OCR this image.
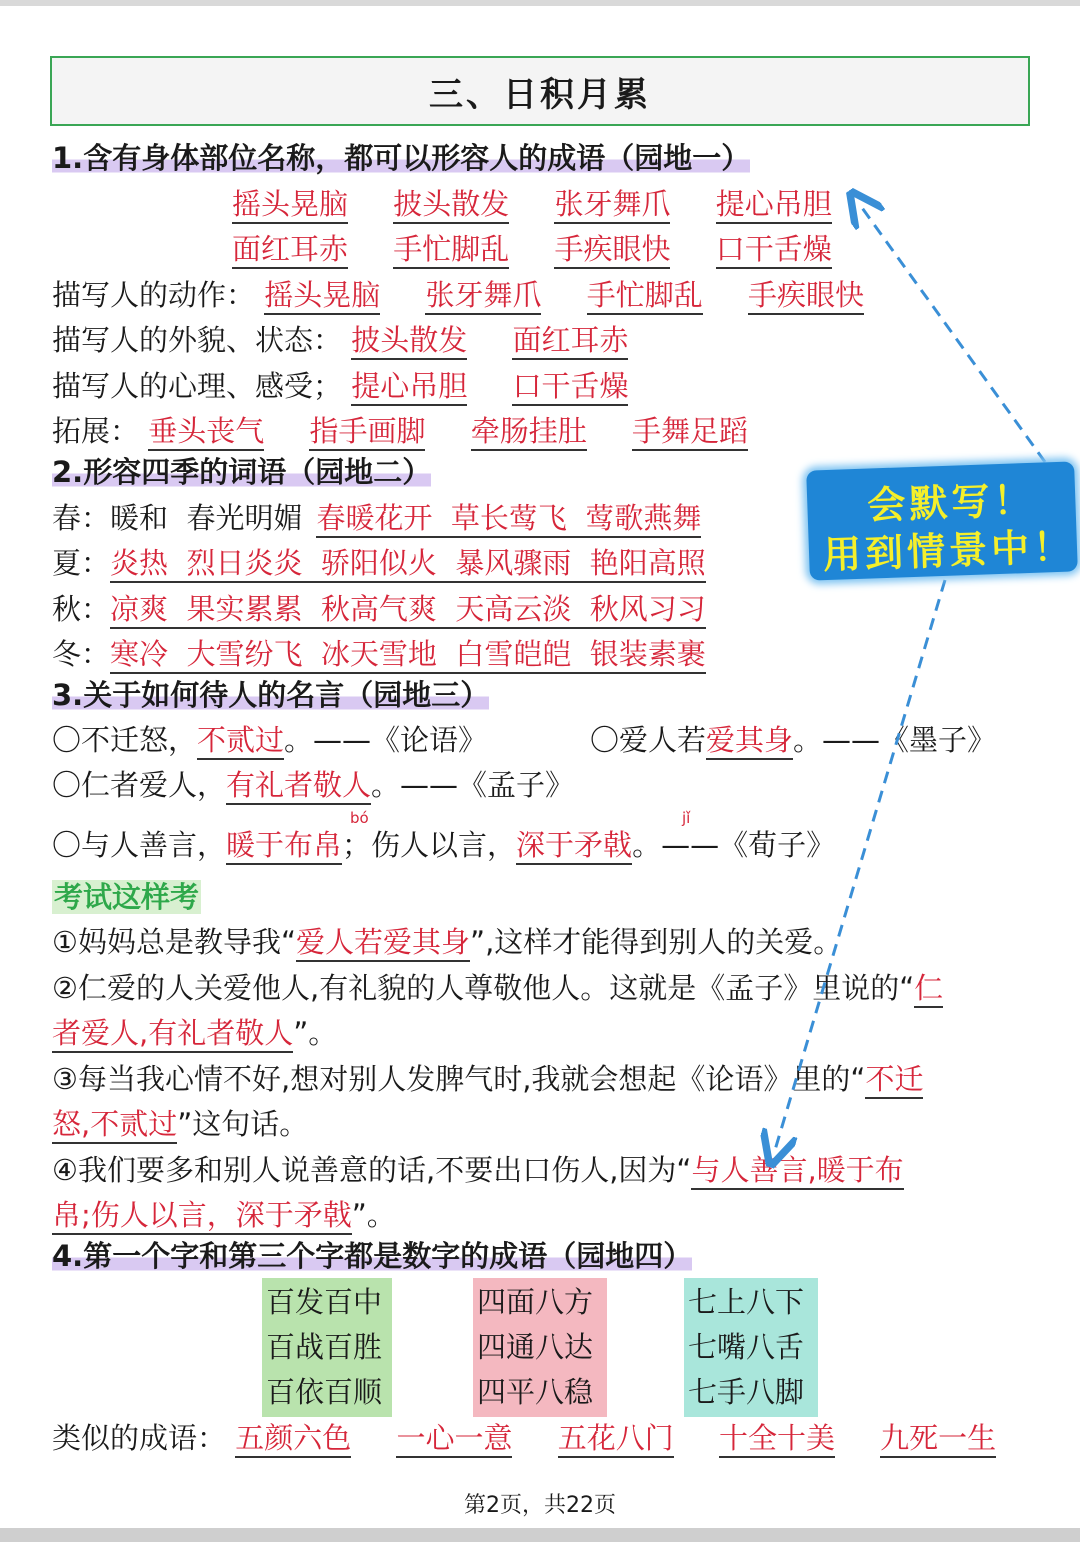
三、日积月累
1.含有身体部位名称，都可以形容人的成语（园地一）
摇头晃脑 披头散发 张牙舞爪 提心吊胆
面红耳赤 手忙脚乱 手疾眼快 口干舌燥
描写人的动作： 摇头晃脑 张牙舞爪 手忙脚乱 手疾眼快
描写人的外貌、状态： 披头散发 面红耳赤
描写人的心理、感受； 提心吊胆 口干舌燥
拓展： 垂头丧气 指手画脚 牵肠挂肚 手舞足蹈
2.形容四季的词语（园地二）
春：暖和  春光明媚 春暖花开  草长莺飞  莺歌燕舞
夏：炎热  烈日炎炎  骄阳似火  暴风骤雨  艳阳高照
秋：凉爽  果实累累  秋高气爽  天高云淡  秋风习习
冬：寒冷  大雪纷飞  冰天雪地  白雪皑皑  银装素裹
3.关于如何待人的名言（园地三）
〇不迁怒，不贰过。——《论语》	〇爱人若爱其身。——《墨子》
〇仁者爱人，有礼者敬人。——《孟子》
bó	jǐ
〇与人善言，暖于布帛；伤人以言，深于矛戟。——《荀子》
考试这样考
①妈妈总是教导我“爱人若爱其身”,这样才能得到别人的关爱。
②仁爱的人关爱他人,有礼貌的人尊敬他人。这就是《孟子》里说的“仁
者爱人,有礼者敬人”。
③每当我心情不好,想对别人发脾气时,我就会想起《论语》里的“不迁
怒,不贰过”这句话。
④我们要多和别人说善意的话,不要出口伤人,因为“与人善言,暖于布
帛;伤人以言，深于矛戟”。
4.第一个字和第三个字都是数字的成语（园地四）
百发百中
百战百胜
百依百顺
四面八方
四通八达
四平八稳
七上八下
七嘴八舌
七手八脚
类似的成语： 五颜六色 一心一意 五花八门 十全十美 九死一生
会默写！
用到情景中！
第2页，共22页
